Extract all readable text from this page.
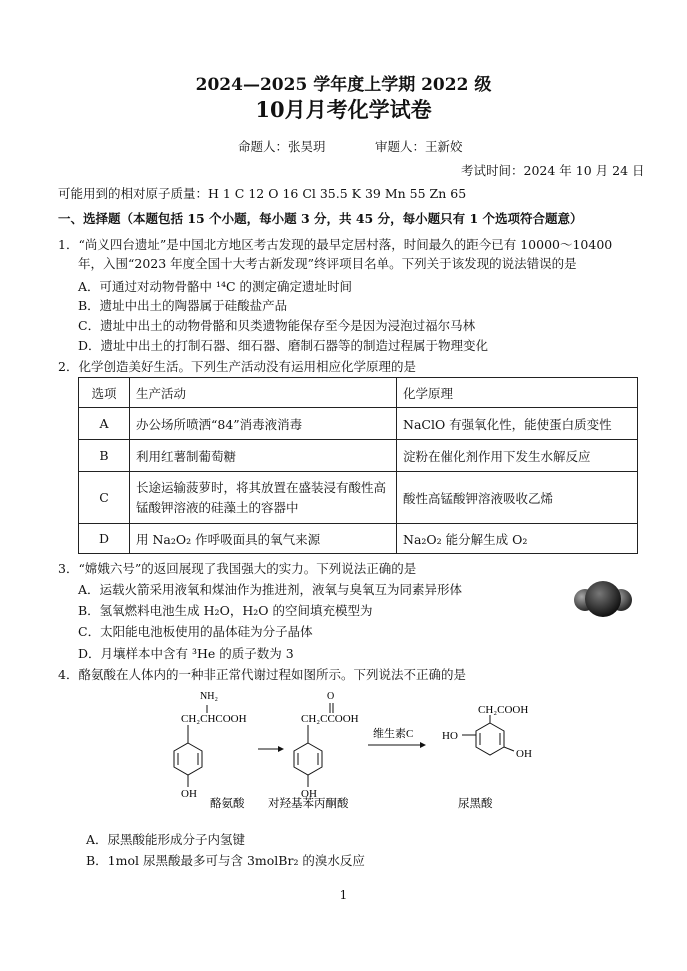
2024—2025 学年度上学期 2022 级
10月月考化学试卷
命题人：张昊玥	审题人：王新姣
考试时间：2024 年 10 月 24 日
可能用到的相对原子质量：H 1 C 12 O 16 Cl 35.5 K 39 Mn 55 Zn 65
一、选择题（本题包括 15 个小题，每小题 3 分，共 45 分，每小题只有 1 个选项符合题意）
1．“尚义四台遗址”是中国北方地区考古发现的最早定居村落，时间最久的距今已有 10000～10400
年，入围“2023 年度全国十大考古新发现”终评项目名单。下列关于该发现的说法错误的是
A．可通过对动物骨骼中 ¹⁴C 的测定确定遗址时间
B．遗址中出土的陶器属于硅酸盐产品
C．遗址中出土的动物骨骼和贝类遗物能保存至今是因为浸泡过福尔马林
D．遗址中出土的打制石器、细石器、磨制石器等的制造过程属于物理变化
2．化学创造美好生活。下列生产活动没有运用相应化学原理的是
选项	生产活动	化学原理
A	办公场所喷洒“84”消毒液消毒	NaClO 有强氧化性，能使蛋白质变性
B	利用红薯制葡萄糖	淀粉在催化剂作用下发生水解反应
C	长途运输菠萝时，将其放置在盛装浸有酸性高锰酸钾溶液的硅藻土的容器中	酸性高锰酸钾溶液吸收乙烯
D	用 Na₂O₂ 作呼吸面具的氧气来源	Na₂O₂ 能分解生成 O₂
3．“嫦娥六号”的返回展现了我国强大的实力。下列说法正确的是
A．运载火箭采用液氧和煤油作为推进剂，液氧与臭氧互为同素异形体
B．氢氧燃料电池生成 H₂O，H₂O 的空间填充模型为
C．太阳能电池板使用的晶体硅为分子晶体
D．月壤样本中含有 ³He 的质子数为 3
4．酪氨酸在人体内的一种非正常代谢过程如图所示。下列说法不正确的是
NH₂
CH₂CHCOOH
OH
O
CH₂CCOOH
OH
维生素C
CH₂COOH
HO
OH
酪氨酸 对羟基苯丙酮酸	尿黑酸
A．尿黑酸能形成分子内氢键
B．1mol 尿黑酸最多可与含 3molBr₂ 的溴水反应
1
